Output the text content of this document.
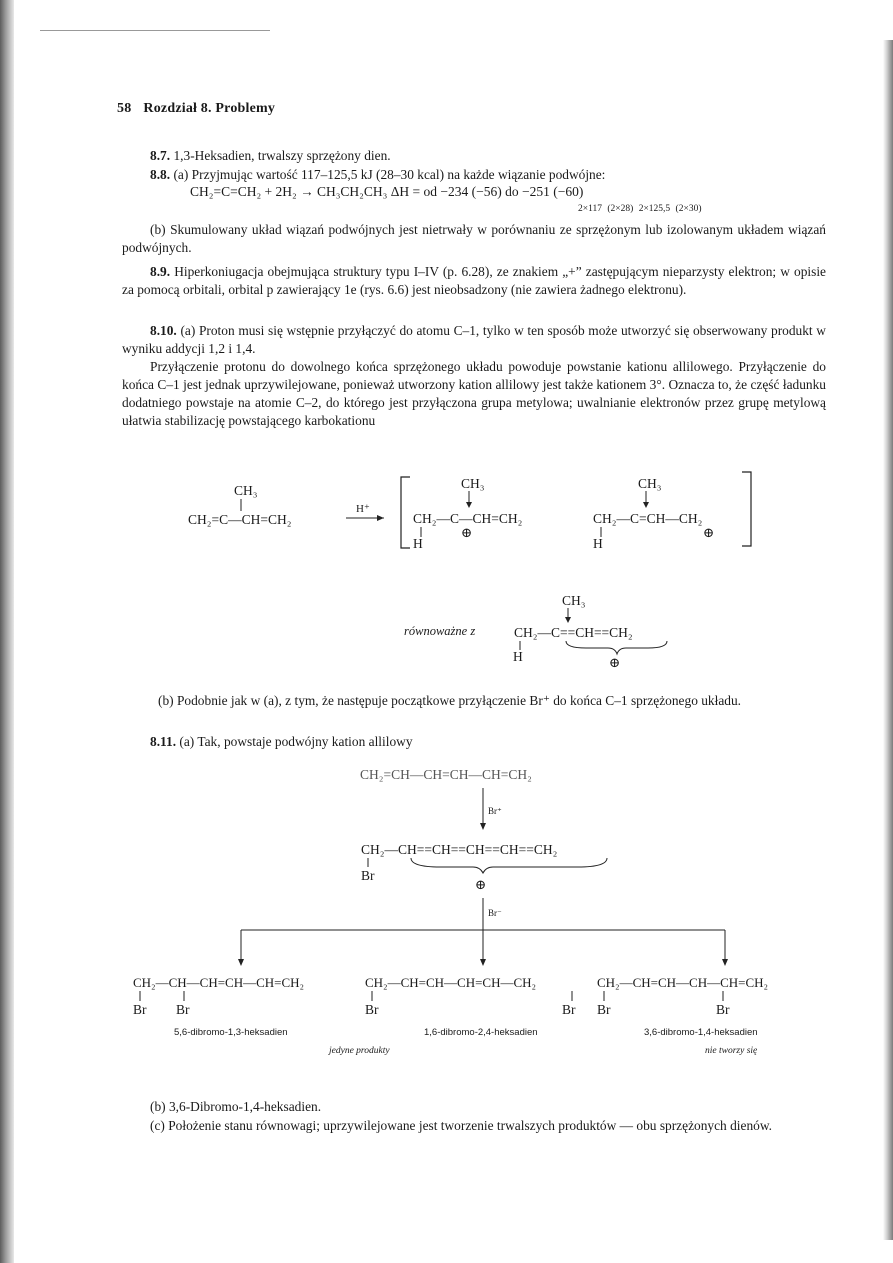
58 Rozdział 8. Problemy

8.7. 1,3-Heksadien, trwalszy sprzężony dien.

8.8. (a) Przyjmując wartość 117–125,5 kJ (28–30 kcal) na każde wiązanie podwójne:

CH₂=C=CH₂ + 2H₂ → CH₃CH₂CH₃ ΔH = od −234 (−56) do −251 (−60)
2×117 (2×28) 2×125,5 (2×30)

(b) Skumulowany układ wiązań podwójnych jest nietrwały w porównaniu ze sprzężonym lub izolowanym układem wiązań podwójnych.

8.9. Hiperkoniugacja obejmująca struktury typu I–IV (p. 6.28), ze znakiem „+” zastępującym nieparzysty elektron; w opisie za pomocą orbitali, orbital p zawierający 1e (rys. 6.6) jest nieobsadzony (nie zawiera żadnego elektronu).

8.10. (a) Proton musi się wstępnie przyłączyć do atomu C–1, tylko w ten sposób może utworzyć się obserwowany produkt w wyniku addycji 1,2 i 1,4.

Przyłączenie protonu do dowolnego końca sprzężonego układu powoduje powstanie kationu allilowego. Przyłączenie do końca C–1 jest jednak uprzywilejowane, ponieważ utworzony kation allilowy jest także kationem 3°. Oznacza to, że część ładunku dodatniego powstaje na atomie C–2, do którego jest przyłączona grupa metylowa; uwalnianie elektronów przez grupę metylową ułatwia stabilizację powstającego karbokationu

CH₃
CH₂=C—CH=CH₂
H⁺
CH₃
CH₂—C—CH=CH₂
H
⊕
CH₃
CH₂—C=CH—CH₂
H
⊕
CH₃
równoważne z	CH₂—C==CH==CH₂
H	⊕

(b) Podobnie jak w (a), z tym, że następuje początkowe przyłączenie Br⁺ do końca C–1 sprzężonego układu.

8.11. (a) Tak, powstaje podwójny kation allilowy

CH₂=CH—CH=CH—CH=CH₂
Br⁺
CH₂—CH==CH==CH==CH==CH₂
Br
⊕
Br⁻
CH₂—CH—CH=CH—CH=CH₂
Br Br
CH₂—CH=CH—CH=CH—CH₂
Br	Br
CH₂—CH=CH—CH—CH=CH₂
Br	Br
5,6-dibromo-1,3-heksadien	1,6-dibromo-2,4-heksadien	3,6-dibromo-1,4-heksadien
jedyne produkty	nie tworzy się

(b) 3,6-Dibromo-1,4-heksadien.

(c) Położenie stanu równowagi; uprzywilejowane jest tworzenie trwalszych produktów — obu sprzężonych dienów.
